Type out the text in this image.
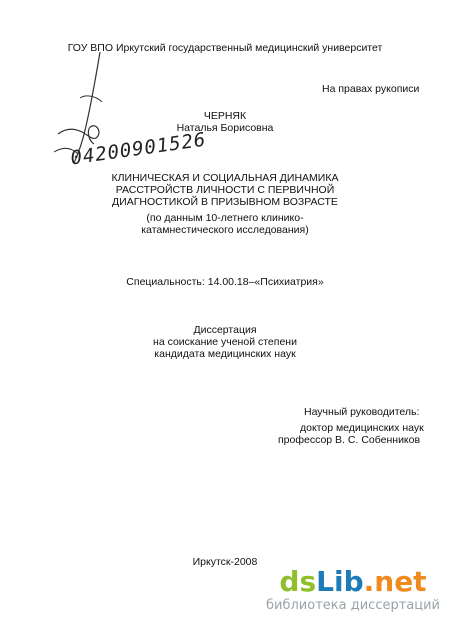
ГОУ ВПО Иркутский государственный медицинский университет
На правах рукописи
04200901526
ЧЕРНЯК
Наталья Борисовна
КЛИНИЧЕСКАЯ И СОЦИАЛЬНАЯ ДИНАМИКА
РАССТРОЙСТВ ЛИЧНОСТИ С ПЕРВИЧНОЙ
ДИАГНОСТИКОЙ В ПРИЗЫВНОМ ВОЗРАСТЕ
(по данным 10-летнего клинико-
катамнестического исследования)
Специальность: 14.00.18–«Психиатрия»
Диссертация
на соискание ученой степени
кандидата медицинских наук
Научный руководитель:
доктор медицинских наук
профессор В. С. Собенников
Иркутск-2008
dsLib.net
библиотека диссертаций
